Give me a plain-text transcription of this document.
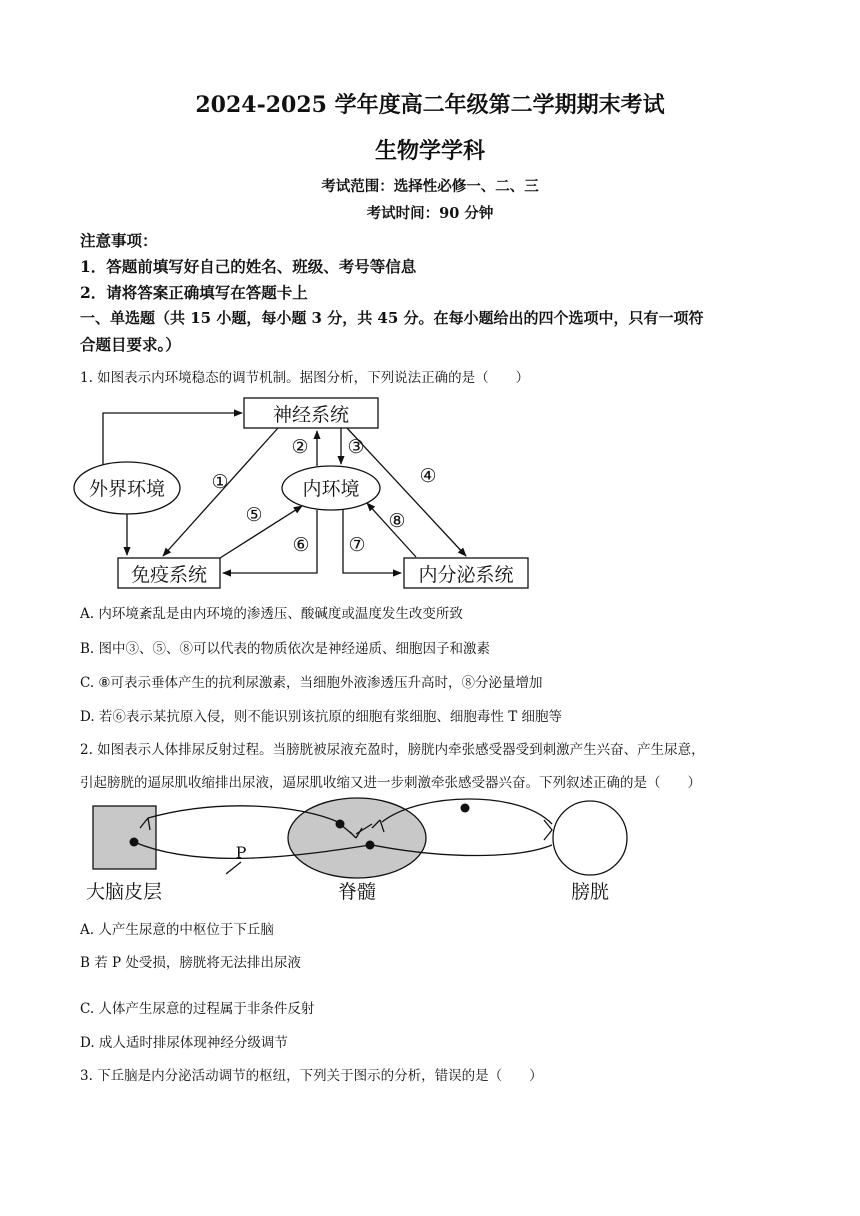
2024-2025 学年度高二年级第二学期期末考试
生物学学科
考试范围：选择性必修一、二、三
考试时间：90 分钟
注意事项：
1．答题前填写好自己的姓名、班级、考号等信息
2．请将答案正确填写在答题卡上
一、单选题（共 15 小题，每小题 3 分，共 45 分。在每小题给出的四个选项中，只有一项符
合题目要求。）
1. 如图表示内环境稳态的调节机制。据图分析，下列说法正确的是（　　）
神经系统
免疫系统	内分泌系统
外界环境	内环境
①
② ③
④
⑤
⑥ ⑦
⑧
大脑皮层	脊髓	膀胱
P
A. 内环境紊乱是由内环境的渗透压、酸碱度或温度发生改变所致
B. 图中③、⑤、⑧可以代表的物质依次是神经递质、细胞因子和激素
C. ⑧可表示垂体产生的抗利尿激素，当细胞外液渗透压升高时，⑧分泌量增加
D. 若⑥表示某抗原入侵，则不能识别该抗原的细胞有浆细胞、细胞毒性 T 细胞等
2. 如图表示人体排尿反射过程。当膀胱被尿液充盈时，膀胱内牵张感受器受到刺激产生兴奋、产生尿意，
引起膀胱的逼尿肌收缩排出尿液，逼尿肌收缩又进一步刺激牵张感受器兴奋。下列叙述正确的是（　　）
A. 人产生尿意的中枢位于下丘脑
B 若 P 处受损，膀胱将无法排出尿液
C. 人体产生尿意的过程属于非条件反射
D. 成人适时排尿体现神经分级调节
3. 下丘脑是内分泌活动调节的枢纽，下列关于图示的分析，错误的是（　　）
